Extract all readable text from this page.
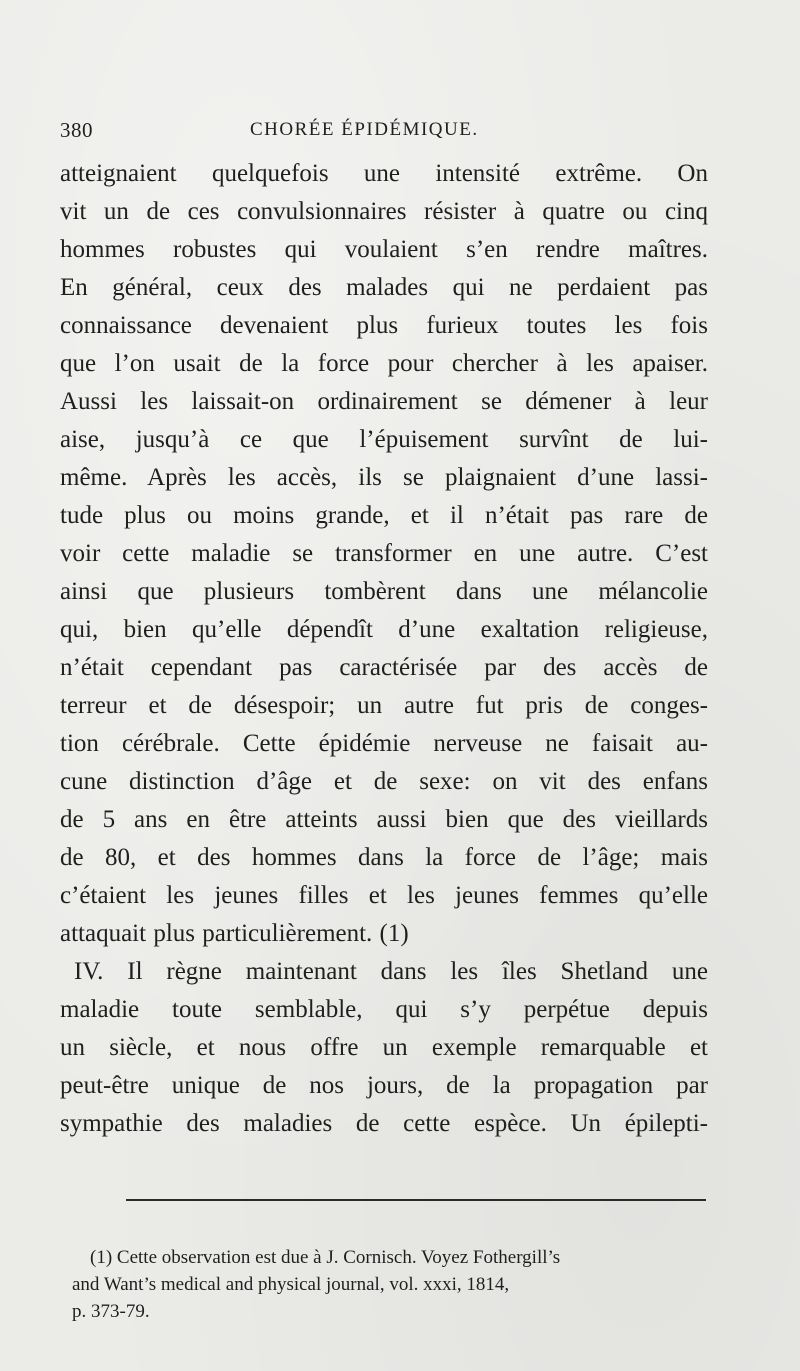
380	CHORÉE ÉPIDÉMIQUE.
atteignaient quelquefois une intensité extrême. On
vit un de ces convulsionnaires résister à quatre ou cinq
hommes robustes qui voulaient s’en rendre maîtres.
En général, ceux des malades qui ne perdaient pas
connaissance devenaient plus furieux toutes les fois
que l’on usait de la force pour chercher à les apaiser.
Aussi les laissait-on ordinairement se démener à leur
aise, jusqu’à ce que l’épuisement survînt de lui-
même. Après les accès, ils se plaignaient d’une lassi-
tude plus ou moins grande, et il n’était pas rare de
voir cette maladie se transformer en une autre. C’est
ainsi que plusieurs tombèrent dans une mélancolie
qui, bien qu’elle dépendît d’une exaltation religieuse,
n’était cependant pas caractérisée par des accès de
terreur et de désespoir; un autre fut pris de conges-
tion cérébrale. Cette épidémie nerveuse ne faisait au-
cune distinction d’âge et de sexe: on vit des enfans
de 5 ans en être atteints aussi bien que des vieillards
de 80, et des hommes dans la force de l’âge; mais
c’étaient les jeunes filles et les jeunes femmes qu’elle
attaquait plus particulièrement. (1)
IV. Il règne maintenant dans les îles Shetland une
maladie toute semblable, qui s’y perpétue depuis
un siècle, et nous offre un exemple remarquable et
peut-être unique de nos jours, de la propagation par
sympathie des maladies de cette espèce. Un épilepti-
(1) Cette observation est due à J. Cornisch. Voyez Fothergill’s
and Want’s medical and physical journal, vol. xxxi, 1814,
p. 373-79.
